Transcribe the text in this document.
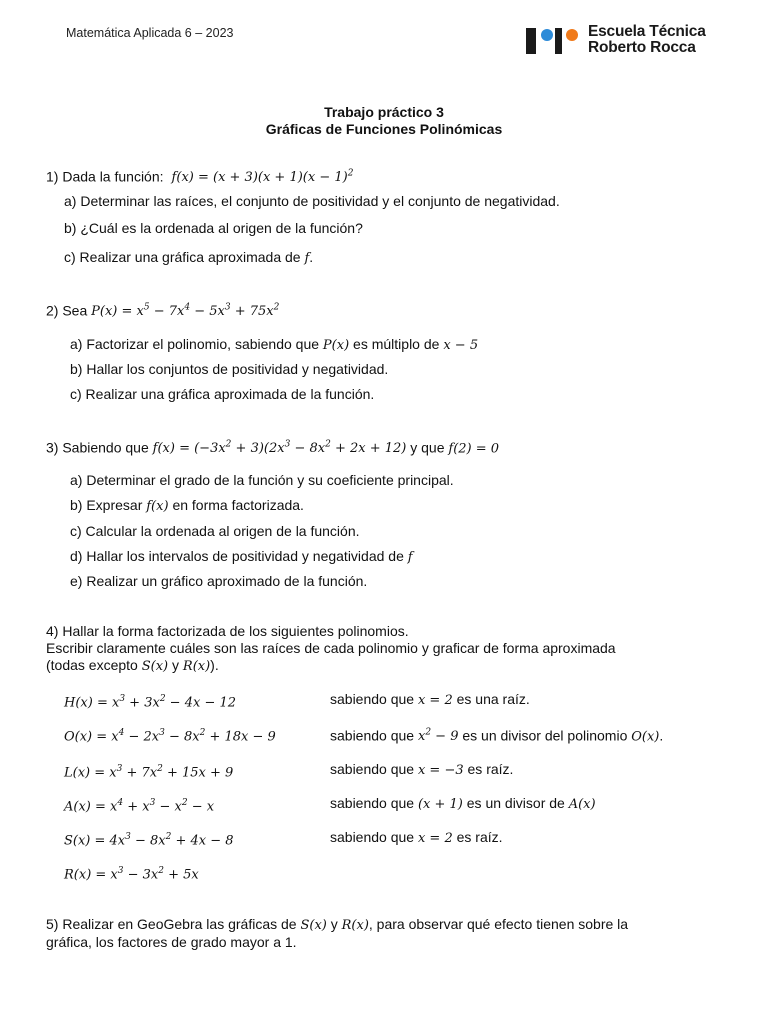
Matemática Aplicada 6 – 2023	Escuela Técnica
Roberto Rocca
Trabajo práctico 3
Gráficas de Funciones Polinómicas
1) Dada la función:  $f(x) = (x + 3)(x + 1)(x - 1)^2$
a) Determinar las raíces, el conjunto de positividad y el conjunto de negatividad.
b) ¿Cuál es la ordenada al origen de la función?
c) Realizar una gráfica aproximada de f.
2) Sea $P(x) = x^5 - 7x^4 - 5x^3 + 75x^2$
a) Factorizar el polinomio, sabiendo que P(x) es múltiplo de x − 5
b) Hallar los conjuntos de positividad y negatividad.
c) Realizar una gráfica aproximada de la función.
3) Sabiendo que $f(x) = (-3x^2 + 3)(2x^3 - 8x^2 + 2x + 12)$ y que f(2) = 0
a) Determinar el grado de la función y su coeficiente principal.
b) Expresar f(x) en forma factorizada.
c) Calcular la ordenada al origen de la función.
d) Hallar los intervalos de positividad y negatividad de f
e) Realizar un gráfico aproximado de la función.
4) Hallar la forma factorizada de los siguientes polinomios.
Escribir claramente cuáles son las raíces de cada polinomio y graficar de forma aproximada
(todas excepto S(x) y R(x)).
$H(x) = x^3 + 3x^2 - 4x - 12$	sabiendo que x = 2 es una raíz.
$O(x) = x^4 - 2x^3 - 8x^2 + 18x - 9$	sabiendo que $x^2 - 9$ es un divisor del polinomio O(x).
$L(x) = x^3 + 7x^2 + 15x + 9$	sabiendo que x = −3 es raíz.
$A(x) = x^4 + x^3 - x^2 - x$	sabiendo que (x + 1) es un divisor de A(x)
$S(x) = 4x^3 - 8x^2 + 4x - 8$	sabiendo que x = 2 es raíz.
$R(x) = x^3 - 3x^2 + 5x$
5) Realizar en GeoGebra las gráficas de S(x) y R(x), para observar qué efecto tienen sobre la
gráfica, los factores de grado mayor a 1.
